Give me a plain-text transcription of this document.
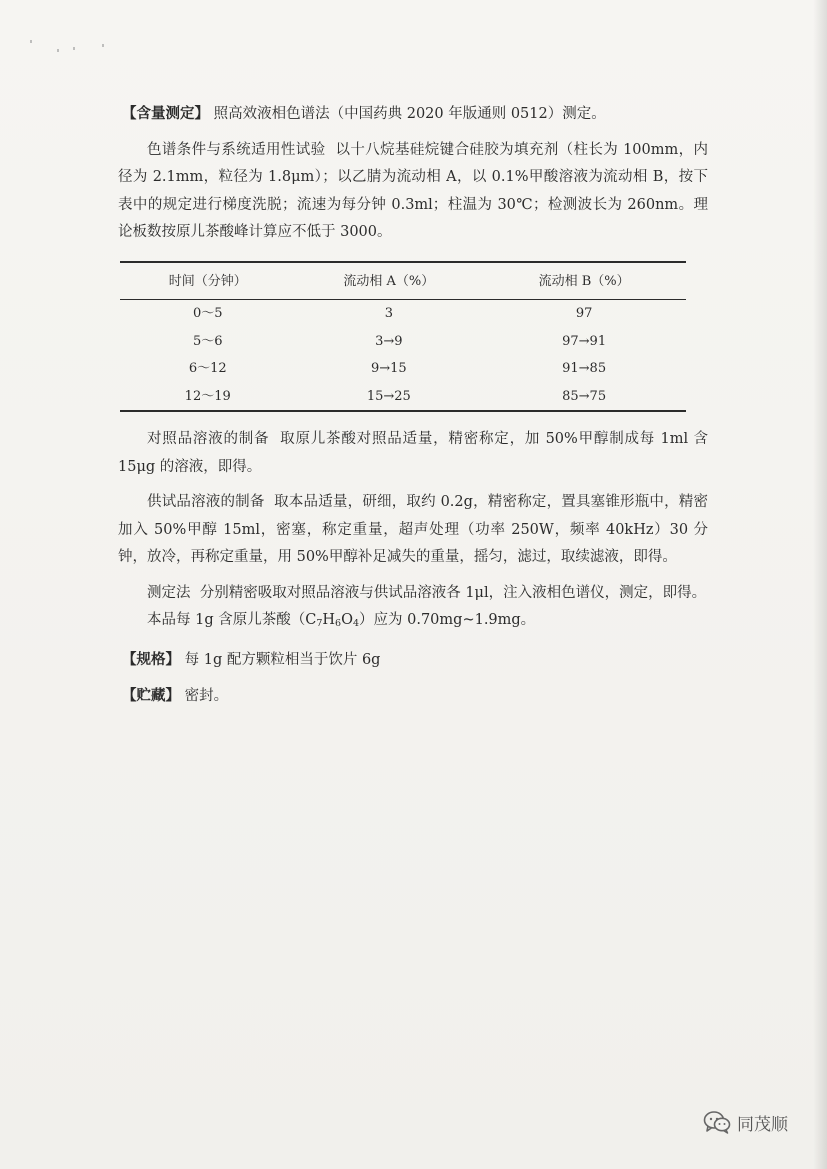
【含量测定】 照高效液相色谱法（中国药典 2020 年版通则 0512）测定。

色谱条件与系统适用性试验 以十八烷基硅烷键合硅胶为填充剂（柱长为 100mm，内径为 2.1mm，粒径为 1.8μm）；以乙腈为流动相 A，以 0.1%甲酸溶液为流动相 B，按下表中的规定进行梯度洗脱；流速为每分钟 0.3ml；柱温为 30℃；检测波长为 260nm。理论板数按原儿茶酸峰计算应不低于 3000。

时间（分钟）	流动相 A（%）	流动相 B（%）
0～5	3	97
5～6	3→9	97→91
6～12	9→15	91→85
12～19	15→25	85→75

对照品溶液的制备 取原儿茶酸对照品适量，精密称定，加 50%甲醇制成每 1ml 含 15μg 的溶液，即得。

供试品溶液的制备 取本品适量，研细，取约 0.2g，精密称定，置具塞锥形瓶中，精密加入 50%甲醇 15ml，密塞，称定重量，超声处理（功率 250W，频率 40kHz）30 分钟，放冷，再称定重量，用 50%甲醇补足减失的重量，摇匀，滤过，取续滤液，即得。

测定法 分别精密吸取对照品溶液与供试品溶液各 1μl，注入液相色谱仪，测定，即得。

本品每 1g 含原儿茶酸$(C_7H_6O_4)$应为 0.70mg~1.9mg。

【规格】 每 1g 配方颗粒相当于饮片 6g

【贮藏】 密封。

同茂顺
